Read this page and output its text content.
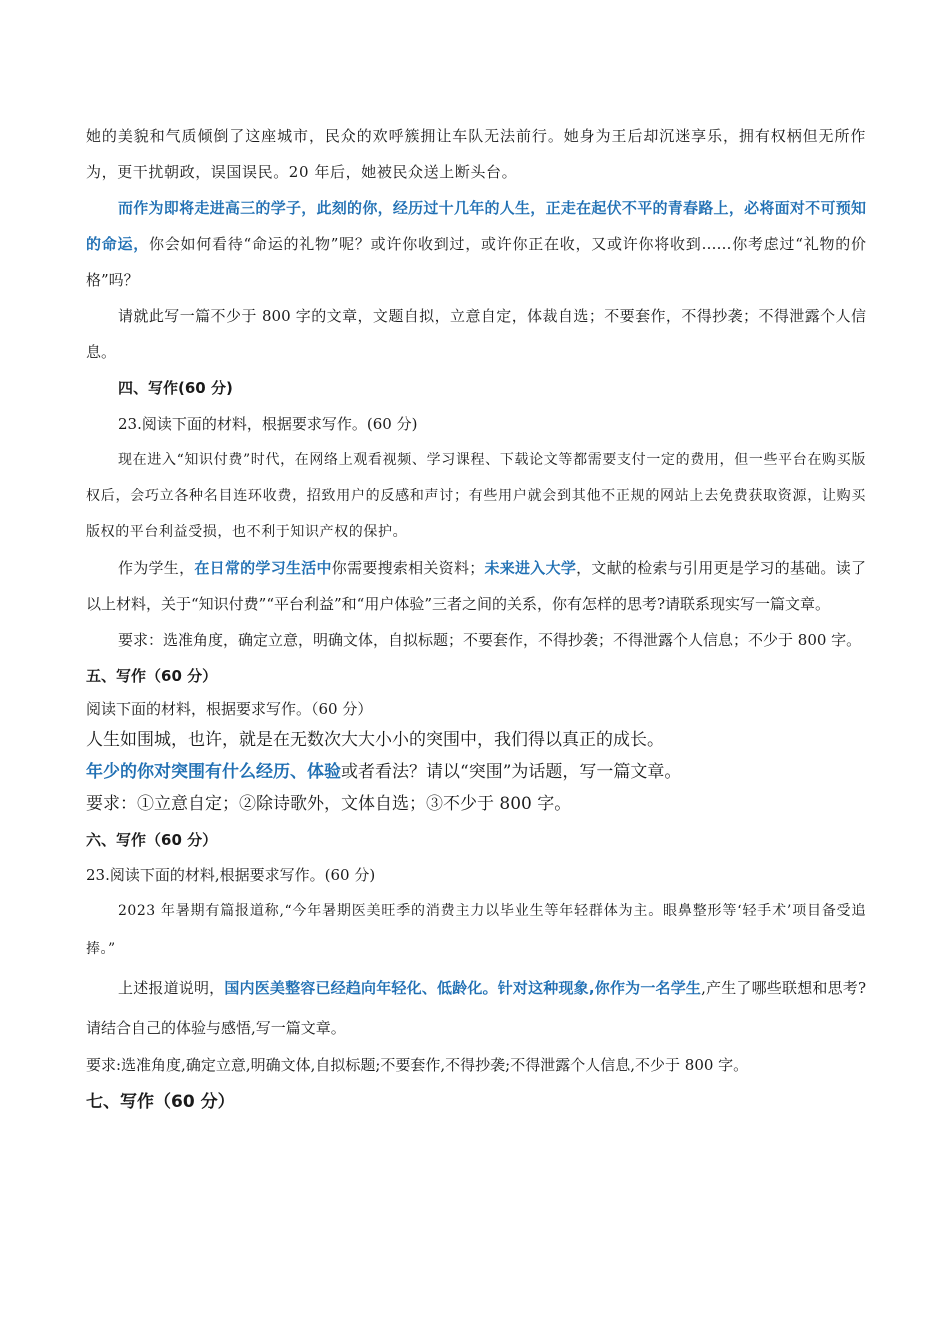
她的美貌和气质倾倒了这座城市，民众的欢呼簇拥让车队无法前行。她身为王后却沉迷享乐，拥有权柄但无所作为，更干扰朝政，误国误民。20 年后，她被民众送上断头台。

而作为即将走进高三的学子，此刻的你，经历过十几年的人生，正走在起伏不平的青春路上，必将面对不可预知的命运，你会如何看待“命运的礼物”呢？或许你收到过，或许你正在收，又或许你将收到……你考虑过“礼物的价格”吗？

请就此写一篇不少于 800 字的文章，文题自拟，立意自定，体裁自选；不要套作，不得抄袭；不得泄露个人信息。

四、写作(60 分)

23.阅读下面的材料，根据要求写作。(60 分)

现在进入“知识付费”时代，在网络上观看视频、学习课程、下载论文等都需要支付一定的费用，但一些平台在购买版权后，会巧立各种名目连环收费，招致用户的反感和声讨；有些用户就会到其他不正规的网站上去免费获取资源，让购买版权的平台利益受损，也不利于知识产权的保护。

作为学生，在日常的学习生活中你需要搜索相关资料；未来进入大学，文献的检索与引用更是学习的基础。读了以上材料，关于“知识付费”“平台利益”和“用户体验”三者之间的关系，你有怎样的思考?请联系现实写一篇文章。

要求：选准角度，确定立意，明确文体，自拟标题；不要套作，不得抄袭；不得泄露个人信息；不少于 800 字。

五、写作（60 分）

阅读下面的材料，根据要求写作。（60 分）

人生如围城，也许，就是在无数次大大小小的突围中，我们得以真正的成长。

年少的你对突围有什么经历、体验或者看法？请以“突围”为话题，写一篇文章。

要求：①立意自定；②除诗歌外，文体自选；③不少于 800 字。

六、写作（60 分）

23.阅读下面的材料,根据要求写作。(60 分)

2023 年暑期有篇报道称,“今年暑期医美旺季的消费主力以毕业生等年轻群体为主。眼鼻整形等‘轻手术’项目备受追捧。”

上述报道说明，国内医美整容已经趋向年轻化、低龄化。针对这种现象,你作为一名学生,产生了哪些联想和思考?请结合自己的体验与感悟,写一篇文章。

要求:选准角度,确定立意,明确文体,自拟标题;不要套作,不得抄袭;不得泄露个人信息,不少于 800 字。

七、写作（60 分）
